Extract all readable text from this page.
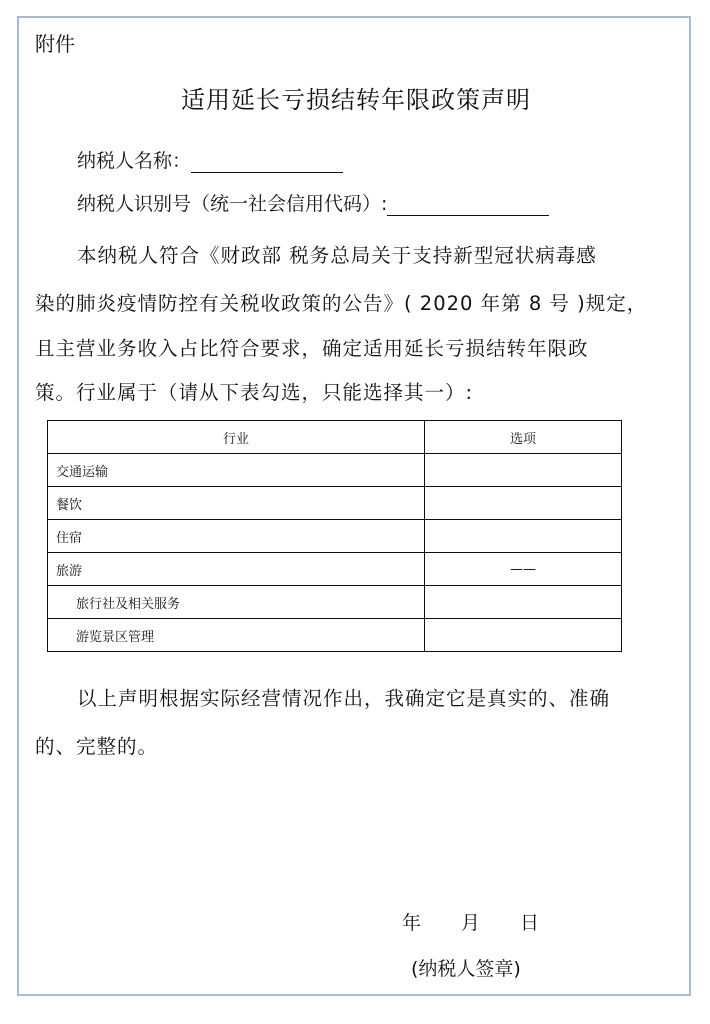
附件
适用延长亏损结转年限政策声明
纳税人名称：
纳税人识别号（统一社会信用代码）:
本纳税人符合《财政部 税务总局关于支持新型冠状病毒感
染的肺炎疫情防控有关税收政策的公告》( 2020 年第 8 号 )规定，
且主营业务收入占比符合要求，确定适用延长亏损结转年限政
策。行业属于（请从下表勾选，只能选择其一）:
行业	选项
交通运输	
餐饮	
住宿	
旅游	——
旅行社及相关服务	
游览景区管理	
以上声明根据实际经营情况作出，我确定它是真实的、准确
的、完整的。
年 月 日
(纳税人签章)
